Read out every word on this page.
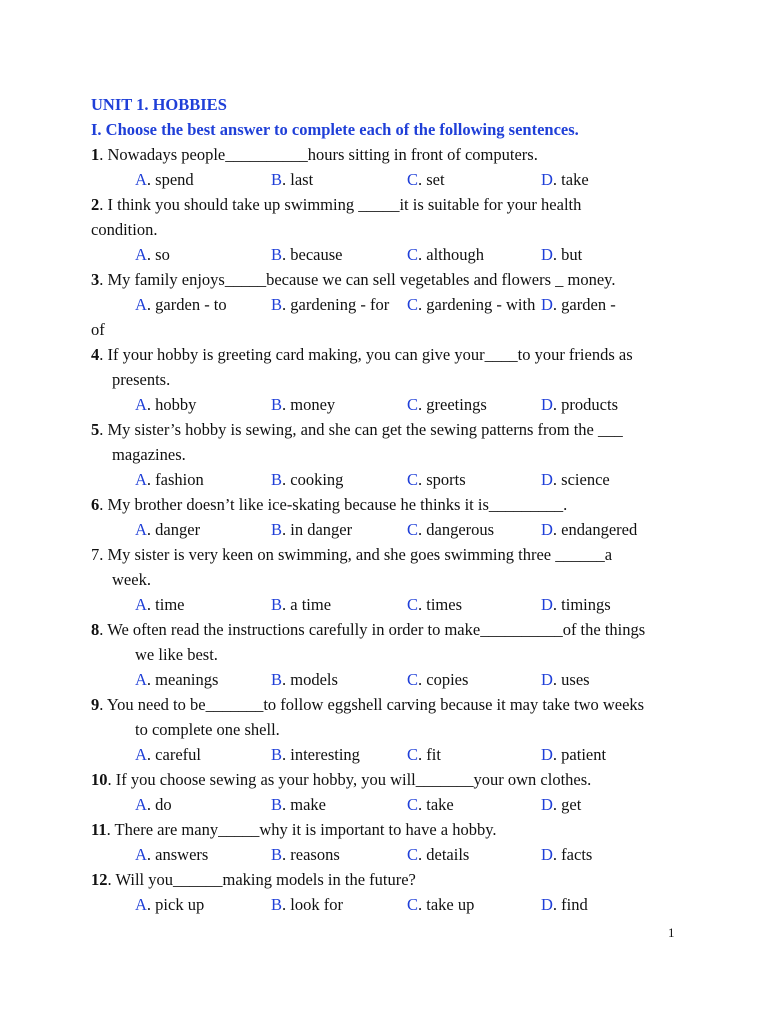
UNIT 1. HOBBIES
I. Choose the best answer to complete each of the following sentences.
1. Nowadays people__________hours sitting in front of computers.
A. spend	B. last	C. set	D. take
2. I think you should take up swimming _____it is suitable for your health
condition.
A. so	B. because	C. although	D. but
3. My family enjoys_____because we can sell vegetables and flowers _ money.
A. garden - to	B. gardening - for C. gardening - with D. garden -
of
4. If your hobby is greeting card making, you can give your____to your friends as
presents.
A. hobby	B. money	C. greetings	D. products
5. My sister’s hobby is sewing, and she can get the sewing patterns from the ___
magazines.
A. fashion	B. cooking	C. sports	D. science
6. My brother doesn’t like ice-skating because he thinks it is_________.
A. danger	B. in danger	C. dangerous	D. endangered
7. My sister is very keen on swimming, and she goes swimming three ______a
week.
A. time	B. a time	C. times	D. timings
8. We often read the instructions carefully in order to make__________of the things
we like best.
A. meanings	B. models	C. copies	D. uses
9. You need to be_______to follow eggshell carving because it may take two weeks
to complete one shell.
A. careful	B. interesting	C. fit	D. patient
10. If you choose sewing as your hobby, you will_______your own clothes.
A. do	B. make	C. take	D. get
11. There are many_____why it is important to have a hobby.
A. answers	B. reasons	C. details	D. facts
12. Will you______making models in the future?
A. pick up	B. look for	C. take up	D. find
1
